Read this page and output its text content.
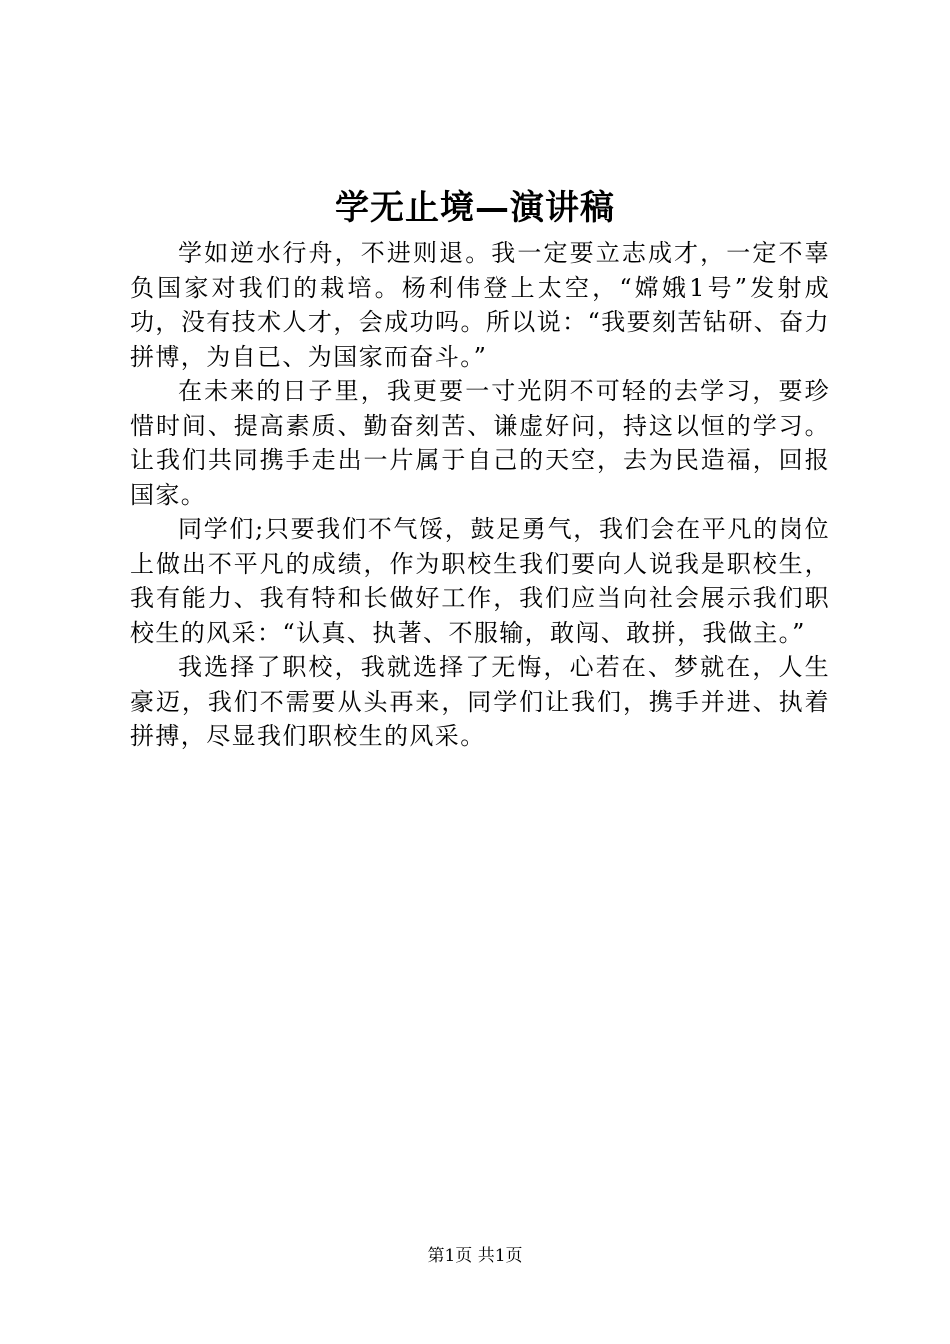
学无止境—演讲稿

学如逆水行舟，不进则退。我一定要立志成才，一定不辜负国家对我们的栽培。杨利伟登上太空，“嫦娥1号”发射成功，没有技术人才，会成功吗。所以说：“我要刻苦钻研、奋力拼博，为自已、为国家而奋斗。”

在未来的日子里，我更要一寸光阴不可轻的去学习，要珍惜时间、提高素质、勤奋刻苦、谦虚好问，持这以恒的学习。让我们共同携手走出一片属于自己的天空，去为民造福，回报国家。

同学们;只要我们不气馁，鼓足勇气，我们会在平凡的岗位上做出不平凡的成绩，作为职校生我们要向人说我是职校生，我有能力、我有特和长做好工作，我们应当向社会展示我们职校生的风采：“认真、执著、不服输，敢闯、敢拼，我做主。”

我选择了职校，我就选择了无悔，心若在、梦就在，人生豪迈，我们不需要从头再来，同学们让我们，携手并进、执着拼搏，尽显我们职校生的风采。

第1页 共1页
